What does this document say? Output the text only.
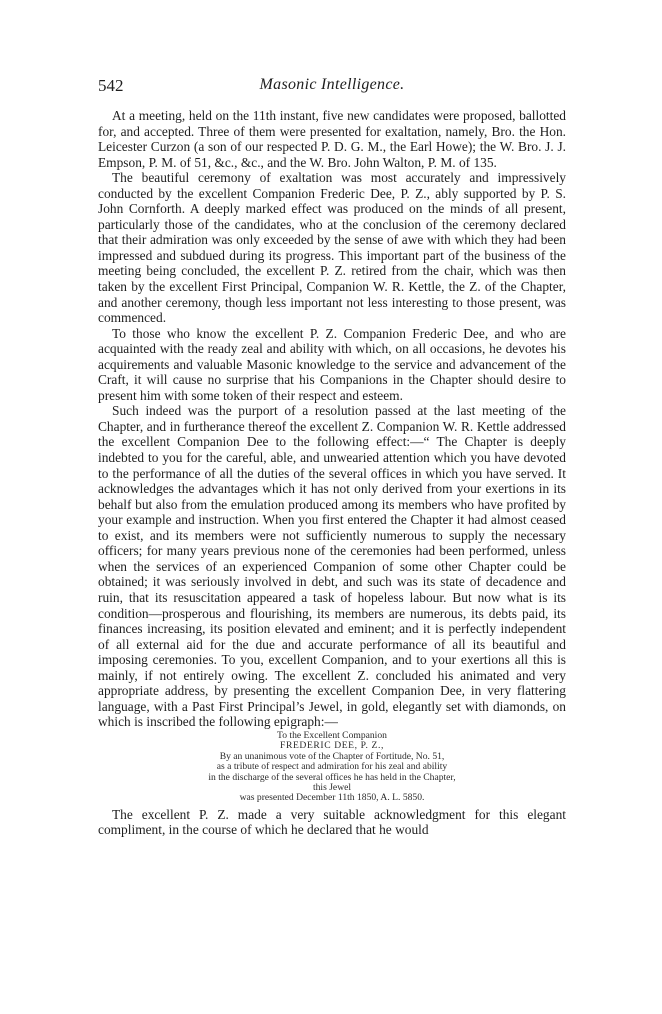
542	Masonic Intelligence.

At a meeting, held on the 11th instant, five new candidates were proposed, ballotted for, and accepted. Three of them were presented for exaltation, namely, Bro. the Hon. Leicester Curzon (a son of our respected P. D. G. M., the Earl Howe); the W. Bro. J. J. Empson, P. M. of 51, &c., &c., and the W. Bro. John Walton, P. M. of 135.

The beautiful ceremony of exaltation was most accurately and impressively conducted by the excellent Companion Frederic Dee, P. Z., ably supported by P. S. John Cornforth. A deeply marked effect was produced on the minds of all present, particularly those of the candidates, who at the conclusion of the ceremony declared that their admiration was only exceeded by the sense of awe with which they had been impressed and subdued during its progress. This important part of the business of the meeting being concluded, the excellent P. Z. retired from the chair, which was then taken by the excellent First Principal, Companion W. R. Kettle, the Z. of the Chapter, and another ceremony, though less important not less interesting to those present, was commenced.

To those who know the excellent P. Z. Companion Frederic Dee, and who are acquainted with the ready zeal and ability with which, on all occasions, he devotes his acquirements and valuable Masonic knowledge to the service and advancement of the Craft, it will cause no surprise that his Companions in the Chapter should desire to present him with some token of their respect and esteem.

Such indeed was the purport of a resolution passed at the last meeting of the Chapter, and in furtherance thereof the excellent Z. Companion W. R. Kettle addressed the excellent Companion Dee to the following effect:—“ The Chapter is deeply indebted to you for the careful, able, and unwearied attention which you have devoted to the performance of all the duties of the several offices in which you have served. It acknowledges the advantages which it has not only derived from your exertions in its behalf but also from the emulation produced among its members who have profited by your example and instruction. When you first entered the Chapter it had almost ceased to exist, and its members were not sufficiently numerous to supply the necessary officers; for many years previous none of the ceremonies had been performed, unless when the services of an experienced Companion of some other Chapter could be obtained; it was seriously involved in debt, and such was its state of decadence and ruin, that its resuscitation appeared a task of hopeless labour. But now what is its condition—prosperous and flourishing, its members are numerous, its debts paid, its finances increasing, its position elevated and eminent; and it is perfectly independent of all external aid for the due and accurate performance of all its beautiful and imposing ceremonies. To you, excellent Companion, and to your exertions all this is mainly, if not entirely owing. The excellent Z. concluded his animated and very appropriate address, by presenting the excellent Companion Dee, in very flattering language, with a Past First Principal’s Jewel, in gold, elegantly set with diamonds, on which is inscribed the following epigraph:—

To the Excellent Companion
FREDERIC DEE, P. Z.,
By an unanimous vote of the Chapter of Fortitude, No. 51,
as a tribute of respect and admiration for his zeal and ability
in the discharge of the several offices he has held in the Chapter,
this Jewel
was presented December 11th 1850, A. L. 5850.

The excellent P. Z. made a very suitable acknowledgment for this elegant compliment, in the course of which he declared that he would
